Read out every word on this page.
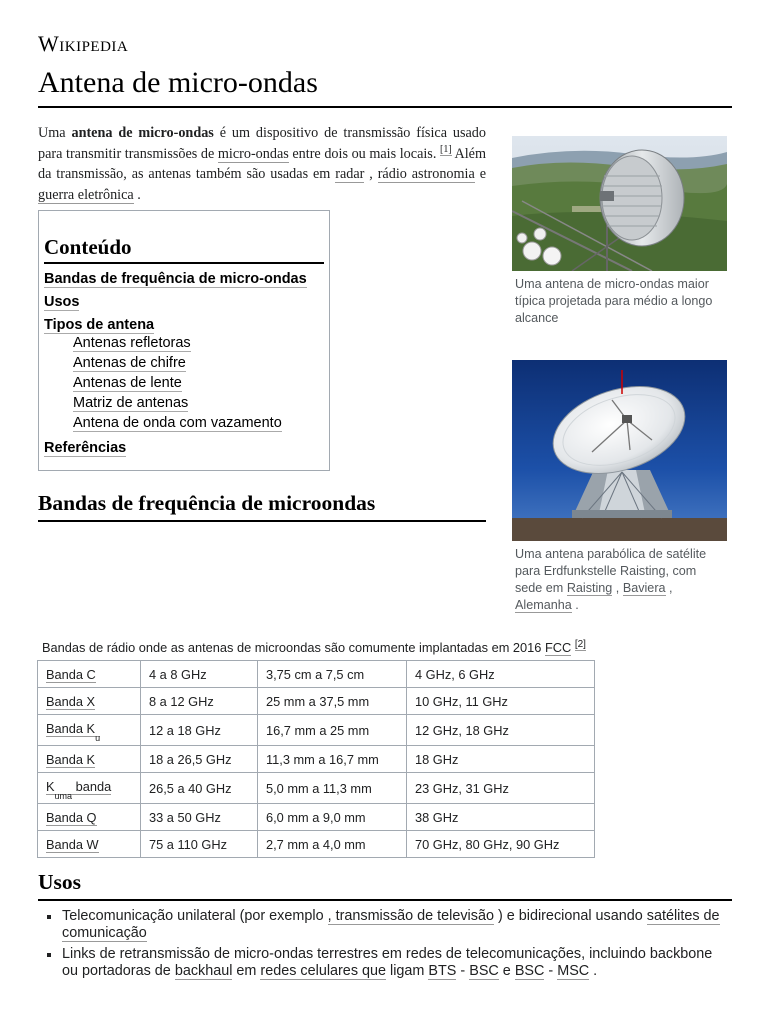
Wikipedia
Antena de micro-ondas

Uma antena de micro-ondas é um dispositivo de transmissão física usado para transmitir transmissões de micro-ondas entre dois ou mais locais. [1] Além da transmissão, as antenas também são usadas em radar , rádio astronomia e guerra eletrônica .

Conteúdo
Bandas de frequência de micro-ondas
Usos
Tipos de antena
Antenas refletoras
Antenas de chifre
Antenas de lente
Matriz de antenas
Antena de onda com vazamento
Referências
Uma antena de micro-ondas maior típica projetada para médio a longo alcance
Uma antena parabólica de satélite para Erdfunkstelle Raisting, com sede em Raisting , Baviera , Alemanha .
Bandas de frequência de microondas
Bandas de rádio onde as antenas de microondas são comumente implantadas em 2016 FCC [2]
Banda C	4 a 8 GHz	3,75 cm a 7,5 cm	4 GHz, 6 GHz
Banda X	8 a 12 GHz	25 mm a 37,5 mm	10 GHz, 11 GHz
Banda $K_u$	12 a 18 GHz	16,7 mm a 25 mm	12 GHz, 18 GHz
Banda K	18 a 26,5 GHz	11,3 mm a 16,7 mm	18 GHz
$K_{uma}$ banda	26,5 a 40 GHz	5,0 mm a 11,3 mm	23 GHz, 31 GHz
Banda Q	33 a 50 GHz	6,0 mm a 9,0 mm	38 GHz
Banda W	75 a 110 GHz	2,7 mm a 4,0 mm	70 GHz, 80 GHz, 90 GHz
Usos
Telecomunicação unilateral (por exemplo , transmissão de televisão ) e bidirecional usando satélites de comunicação
Links de retransmissão de micro-ondas terrestres em redes de telecomunicações, incluindo backbone ou portadoras de backhaul em redes celulares que ligam BTS - BSC e BSC - MSC .
